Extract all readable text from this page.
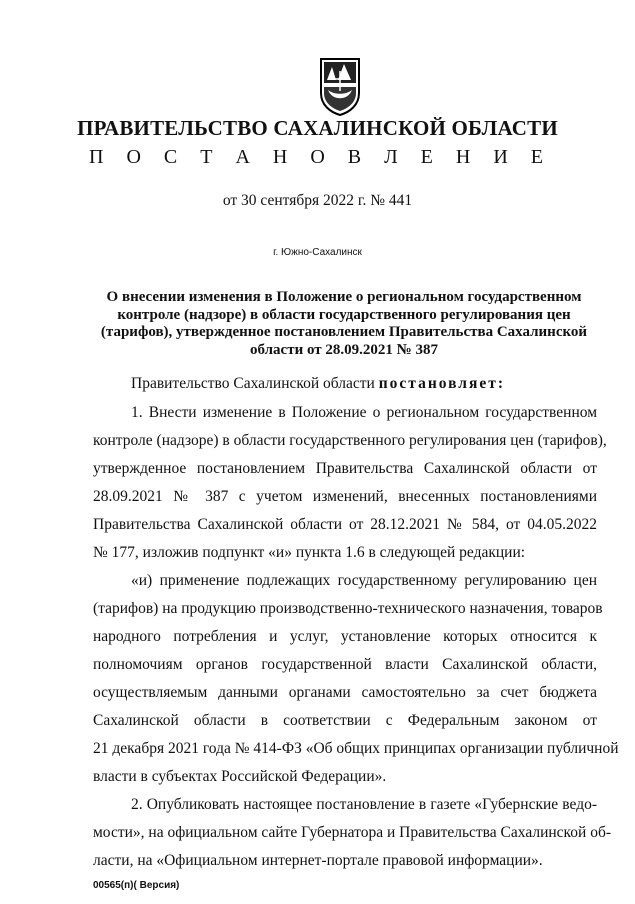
ПРАВИТЕЛЬСТВО САХАЛИНСКОЙ ОБЛАСТИ
П О С Т А Н О В Л Е Н И Е
от 30 сентября 2022 г. № 441
г. Южно-Сахалинск
О внесении изменения в Положение о региональном государственном
контроле (надзоре) в области государственного регулирования цен
(тарифов), утвержденное постановлением Правительства Сахалинской
области от 28.09.2021 № 387
Правительство Сахалинской области постановляет:
1. Внести изменение в Положение о региональном государственном
контроле (надзоре) в области государственного регулирования цен (тарифов),
утвержденное постановлением Правительства Сахалинской области от
28.09.2021 № 387 с учетом изменений, внесенных постановлениями
Правительства Сахалинской области от 28.12.2021 № 584, от 04.05.2022
№ 177, изложив подпункт «и» пункта 1.6 в следующей редакции:
«и) применение подлежащих государственному регулированию цен
(тарифов) на продукцию производственно-технического назначения, товаров
народного потребления и услуг, установление которых относится к
полномочиям органов государственной власти Сахалинской области,
осуществляемым данными органами самостоятельно за счет бюджета
Сахалинской области в соответствии с Федеральным законом от
21 декабря 2021 года № 414-ФЗ «Об общих принципах организации публичной
власти в субъектах Российской Федерации».
2. Опубликовать настоящее постановление в газете «Губернские ведо-
мости», на официальном сайте Губернатора и Правительства Сахалинской об-
ласти, на «Официальном интернет-портале правовой информации».
00565(п)( Версия)
